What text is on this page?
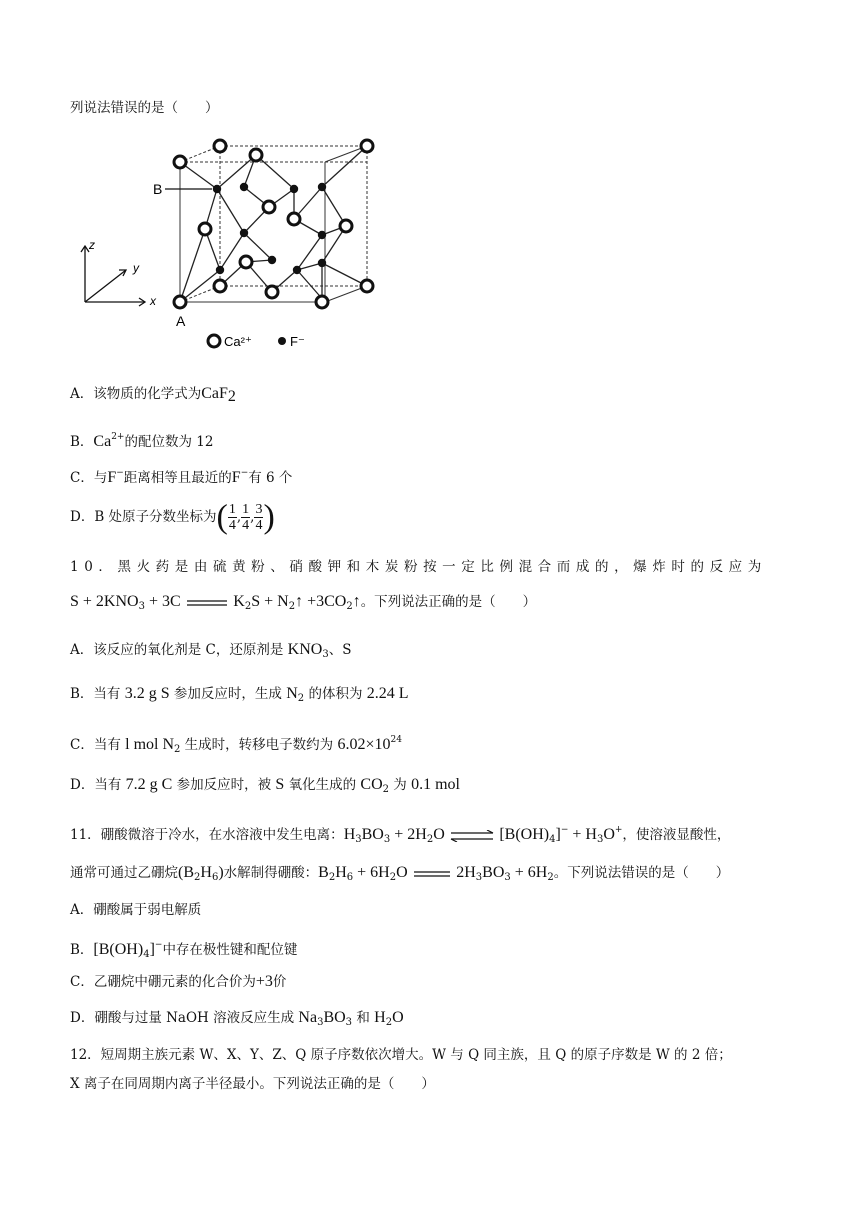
列说法错误的是（　　）
B
A
z
y
x
Ca²⁺	F⁻
A．该物质的化学式为CaF$_2$
B．$Ca^{2+}$的配位数为 12
C．与F−距离相等且最近的F−有 6 个
D．B 处原子分数坐标为( $\frac{1}{4}$ , $\frac{1}{4}$ , $\frac{3}{4}$ )
10．黑火药是由硫黄粉、硝酸钾和木炭粉按一定比例混合而成的，爆炸时的反应为
$S + 2KNO_3 + 3C$	$K_2S$ + $N_2↑$ $+3CO_2↑$。下列说法正确的是（　　）
A．该反应的氧化剂是 C，还原剂是 $KNO_3$、S
B．当有 3.2 g S 参加反应时，生成 $N_2$ 的体积为 2.24 L
C．当有 l mol $N_2$ 生成时，转移电子数约为 $6.02\times 10^{24}$
D．当有 7.2 g C 参加反应时，被 S 氧化生成的 $CO_2$ 为 0.1 mol
11．硼酸微溶于冷水，在水溶液中发生电离：$H_3BO_3 + 2H_2O$ ⇌ $[B(OH)_4]^- + H_3O^+$，使溶液显酸性，
通常可通过乙硼烷$(B_2H_6)$水解制得硼酸：$B_2H_6 + 6H_2O$	$2H_3BO_3 + 6H_2$。下列说法错误的是（　　）
A．硼酸属于弱电解质
B．$[B(OH)_4]^-$中存在极性键和配位键
C．乙硼烷中硼元素的化合价为+3价
D．硼酸与过量 NaOH 溶液反应生成 $Na_3BO_3$ 和 $H_2O$
12．短周期主族元素 W、X、Y、Z、Q 原子序数依次增大。W 与 Q 同主族，且 Q 的原子序数是 W 的 2 倍；
X 离子在同周期内离子半径最小。下列说法正确的是（　　）
